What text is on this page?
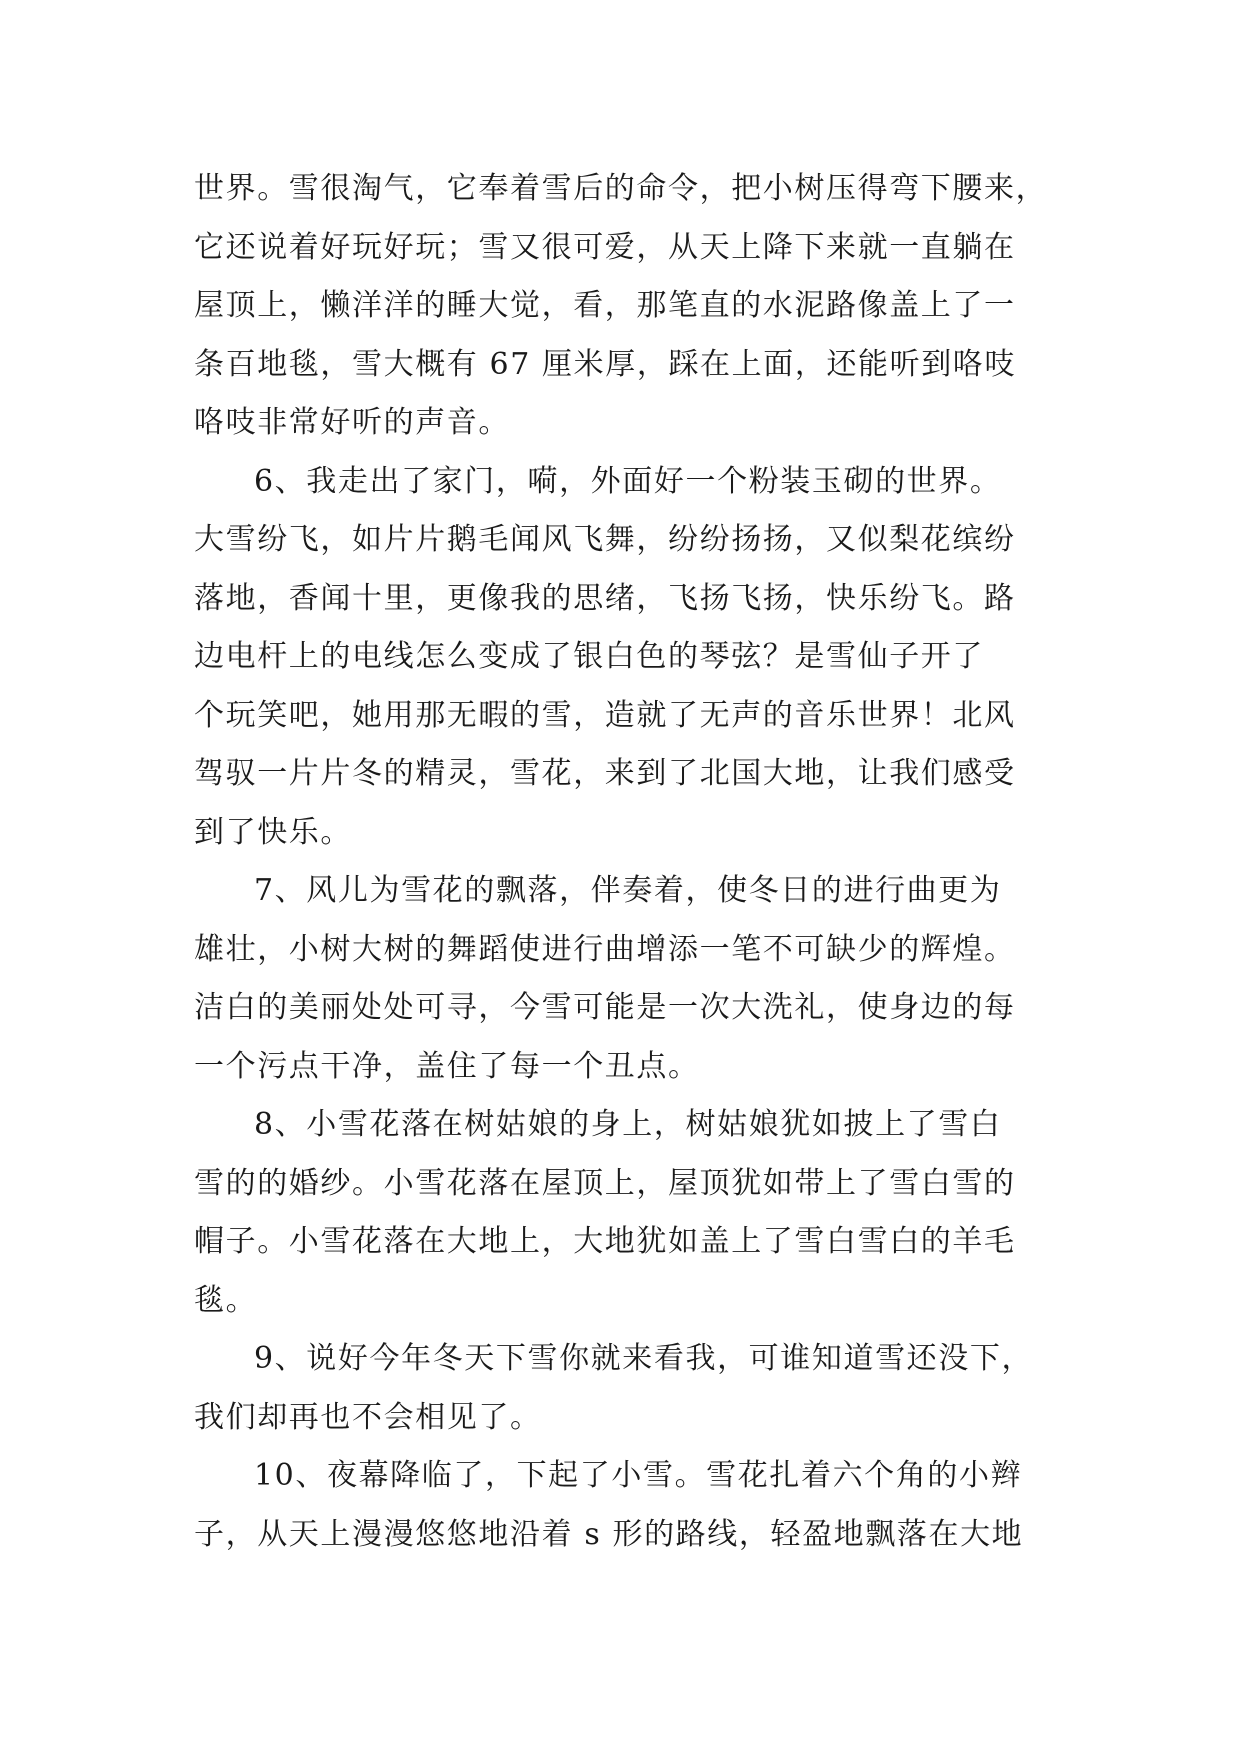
世界。雪很淘气，它奉着雪后的命令，把小树压得弯下腰来，
它还说着好玩好玩；雪又很可爱，从天上降下来就一直躺在
屋顶上，懒洋洋的睡大觉，看，那笔直的水泥路像盖上了一
条百地毯，雪大概有 67 厘米厚，踩在上面，还能听到咯吱
咯吱非常好听的声音。
6、我走出了家门，嗬，外面好一个粉装玉砌的世界。
大雪纷飞，如片片鹅毛闻风飞舞，纷纷扬扬，又似梨花缤纷
落地，香闻十里，更像我的思绪，飞扬飞扬，快乐纷飞。路
边电杆上的电线怎么变成了银白色的琴弦？是雪仙子开了
个玩笑吧，她用那无暇的雪，造就了无声的音乐世界！北风
驾驭一片片冬的精灵，雪花，来到了北国大地，让我们感受
到了快乐。
7、风儿为雪花的飘落，伴奏着，使冬日的进行曲更为
雄壮，小树大树的舞蹈使进行曲增添一笔不可缺少的辉煌。
洁白的美丽处处可寻，今雪可能是一次大洗礼，使身边的每
一个污点干净，盖住了每一个丑点。
8、小雪花落在树姑娘的身上，树姑娘犹如披上了雪白
雪的的婚纱。小雪花落在屋顶上，屋顶犹如带上了雪白雪的
帽子。小雪花落在大地上，大地犹如盖上了雪白雪白的羊毛
毯。
9、说好今年冬天下雪你就来看我，可谁知道雪还没下，
我们却再也不会相见了。
10、夜幕降临了，下起了小雪。雪花扎着六个角的小辫
子，从天上漫漫悠悠地沿着 s 形的路线，轻盈地飘落在大地
